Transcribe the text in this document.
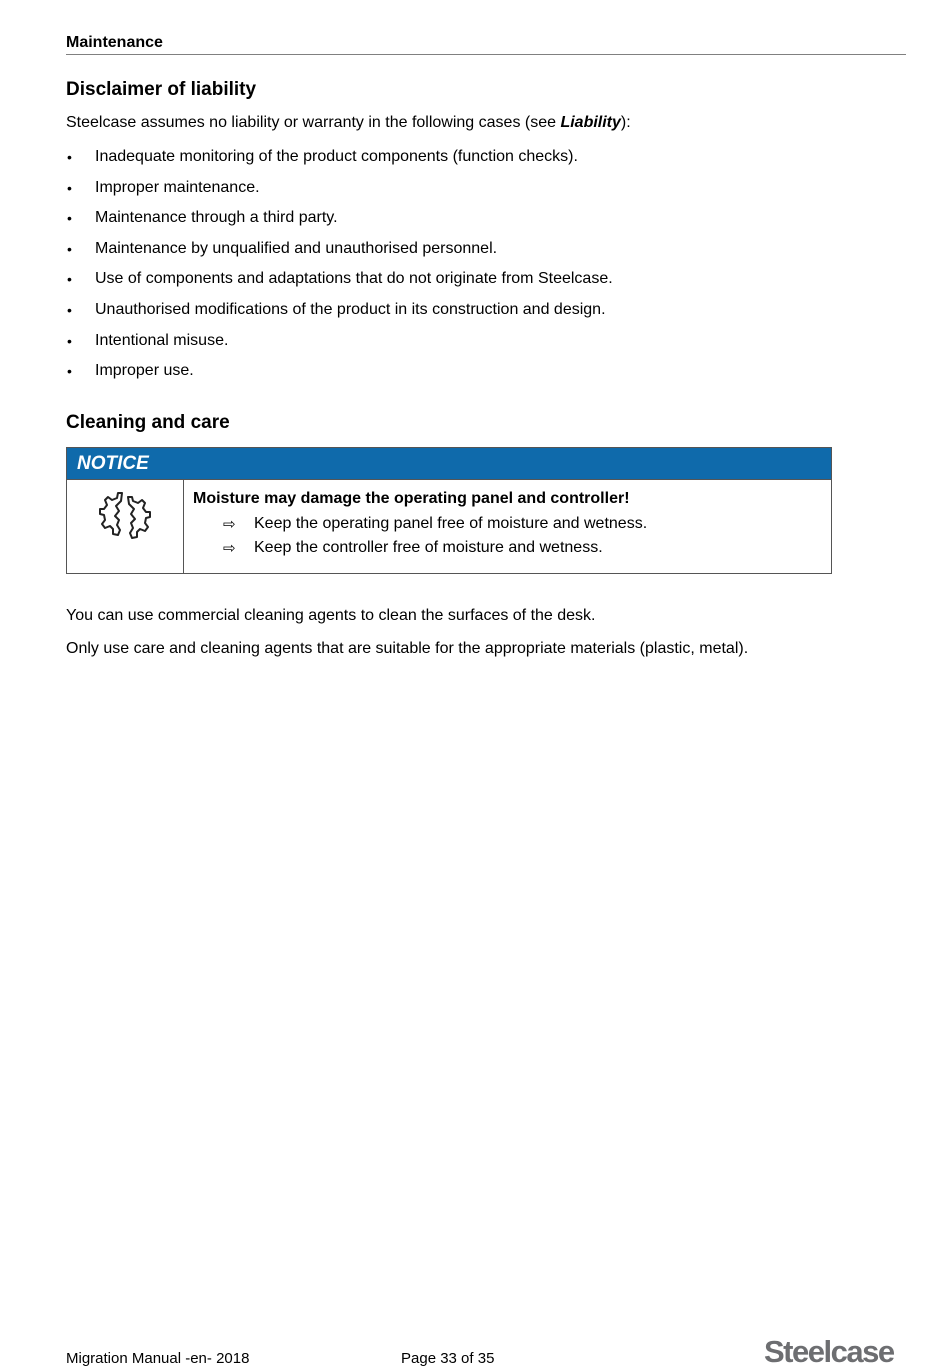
Maintenance
Disclaimer of liability

Steelcase assumes no liability or warranty in the following cases (see Liability):

• Inadequate monitoring of the product components (function checks).
• Improper maintenance.
• Maintenance through a third party.
• Maintenance by unqualified and unauthorised personnel.
• Use of components and adaptations that do not originate from Steelcase.
• Unauthorised modifications of the product in its construction and design.
• Intentional misuse.
• Improper use.
Cleaning and care
NOTICE
Moisture may damage the operating panel and controller!
⇨ Keep the operating panel free of moisture and wetness.
⇨ Keep the controller free of moisture and wetness.

You can use commercial cleaning agents to clean the surfaces of the desk.

Only use care and cleaning agents that are suitable for the appropriate materials (plastic, metal).

Migration Manual -en- 2018	Page 33 of 35	Steelcase
